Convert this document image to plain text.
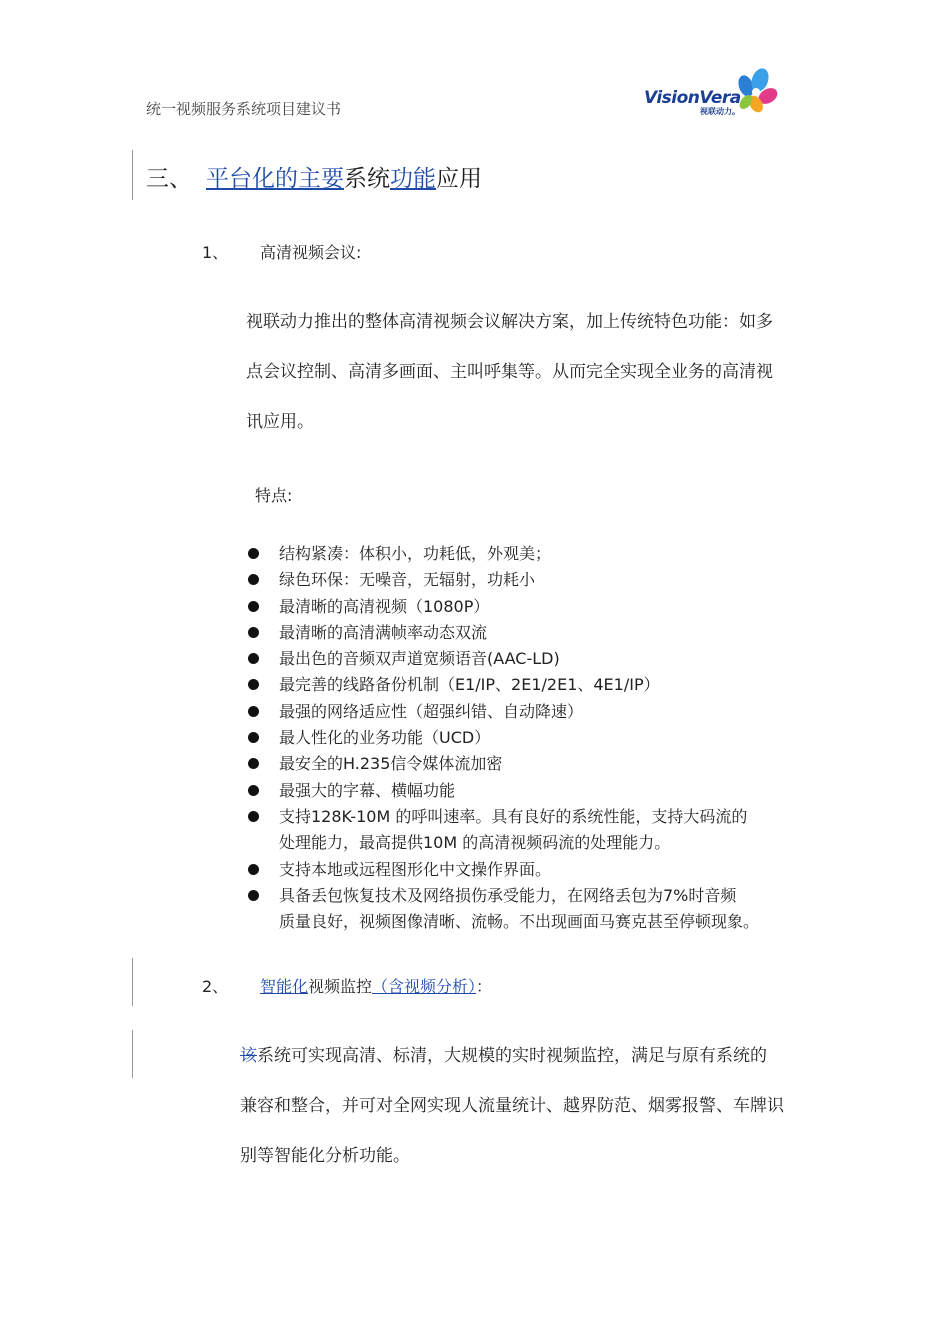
统一视频服务系统项目建议书
VisionVera
视联动力。
三、 平台化的主要系统功能应用
1、 高清视频会议:
视联动力推出的整体高清视频会议解决方案，加上传统特色功能：如多
点会议控制、高清多画面、主叫呼集等。从而完全实现全业务的高清视
讯应用。
特点:
结构紧凑：体积小，功耗低，外观美；
绿色环保：无噪音，无辐射，功耗小
最清晰的高清视频（1080P）
最清晰的高清满帧率动态双流
最出色的音频双声道宽频语音(AAC-LD)
最完善的线路备份机制（E1/IP、2E1/2E1、4E1/IP）
最强的网络适应性（超强纠错、自动降速）
最人性化的业务功能（UCD）
最安全的H.235信令媒体流加密
最强大的字幕、横幅功能
支持128K-10M 的呼叫速率。具有良好的系统性能，支持大码流的
处理能力，最高提供10M 的高清视频码流的处理能力。
支持本地或远程图形化中文操作界面。
具备丢包恢复技术及网络损伤承受能力，在网络丢包为7%时音频
质量良好，视频图像清晰、流畅。不出现画面马赛克甚至停顿现象。
2、 智能化视频监控（含视频分析）：
该系统可实现高清、标清，大规模的实时视频监控，满足与原有系统的
兼容和整合，并可对全网实现人流量统计、越界防范、烟雾报警、车牌识
别等智能化分析功能。
